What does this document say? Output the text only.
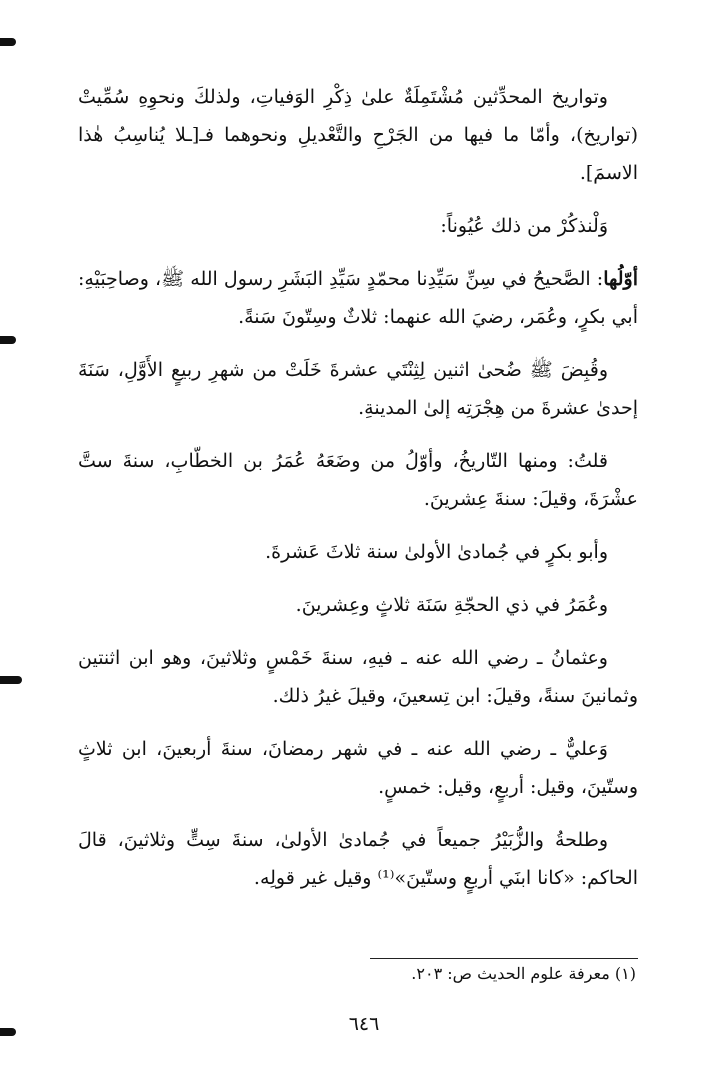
وتواريخ المحدِّثين مُشْتَمِلَةٌ علىٰ ذِكْرِ الوَفياتِ، ولذلكَ ونحوِهِ سُمِّيتْ (تواريخ)، وأمّا ما فيها من الجَرْحِ والتَّعْديلِ ونحوهما فـ[ـلا يُناسِبُ هٰذا الاسمَ].

وَلْنذكُرْ من ذلك عُيُوناً:

أوّلُها: الصَّحيحُ في سِنِّ سَيِّدِنا محمّدٍ سَيِّدِ البَشَرِ رسول الله ﷺ، وصاحِبَيْهِ: أبي بكرٍ، وعُمَر، رضيَ الله عنهما: ثلاثٌ وسِتّونَ سَنةً.

وقُبِضَ ﷺ ضُحىٰ اثنين لِثِنْتَي عشرةَ خَلَتْ من شهرِ ربيعٍ الأَوَّلِ، سَنَةَ إحدىٰ عشرةَ من هِجْرَتِه إلىٰ المدينةِ.

قلتُ: ومنها التّاريخُ، وأوّلُ من وضَعَهُ عُمَرُ بن الخطّابِ، سنةَ ستَّ عشْرَةَ، وقيلَ: سنةَ عِشرينَ.

وأبو بكرٍ في جُمادىٰ الأولىٰ سنة ثلاثَ عَشرةَ.

وعُمَرُ في ذي الحجّةِ سَنَة ثلاثٍ وعِشرينَ.

وعثمانُ ـ رضي الله عنه ـ فيهِ، سنةَ خَمْسٍ وثلاثينَ، وهو ابن اثنتين وثمانينَ سنةً، وقيلَ: ابن تِسعينَ، وقيلَ غيرُ ذلك.

وَعليٌّ ـ رضي الله عنه ـ في شهر رمضانَ، سنةَ أربعينَ، ابن ثلاثٍ وستّينَ، وقيل: أربعٍ، وقيل: خمسٍ.

وطلحةُ والزُّبَيْرُ جميعاً في جُمادىٰ الأولىٰ، سنةَ سِتٍّ وثلاثينَ، قالَ الحاكم: «كانا ابنَي أربعٍ وستّينَ»⁽¹⁾ وقيل غير قولِه.

(١) معرفة علوم الحديث ص: ٢٠٣.
٦٤٦
